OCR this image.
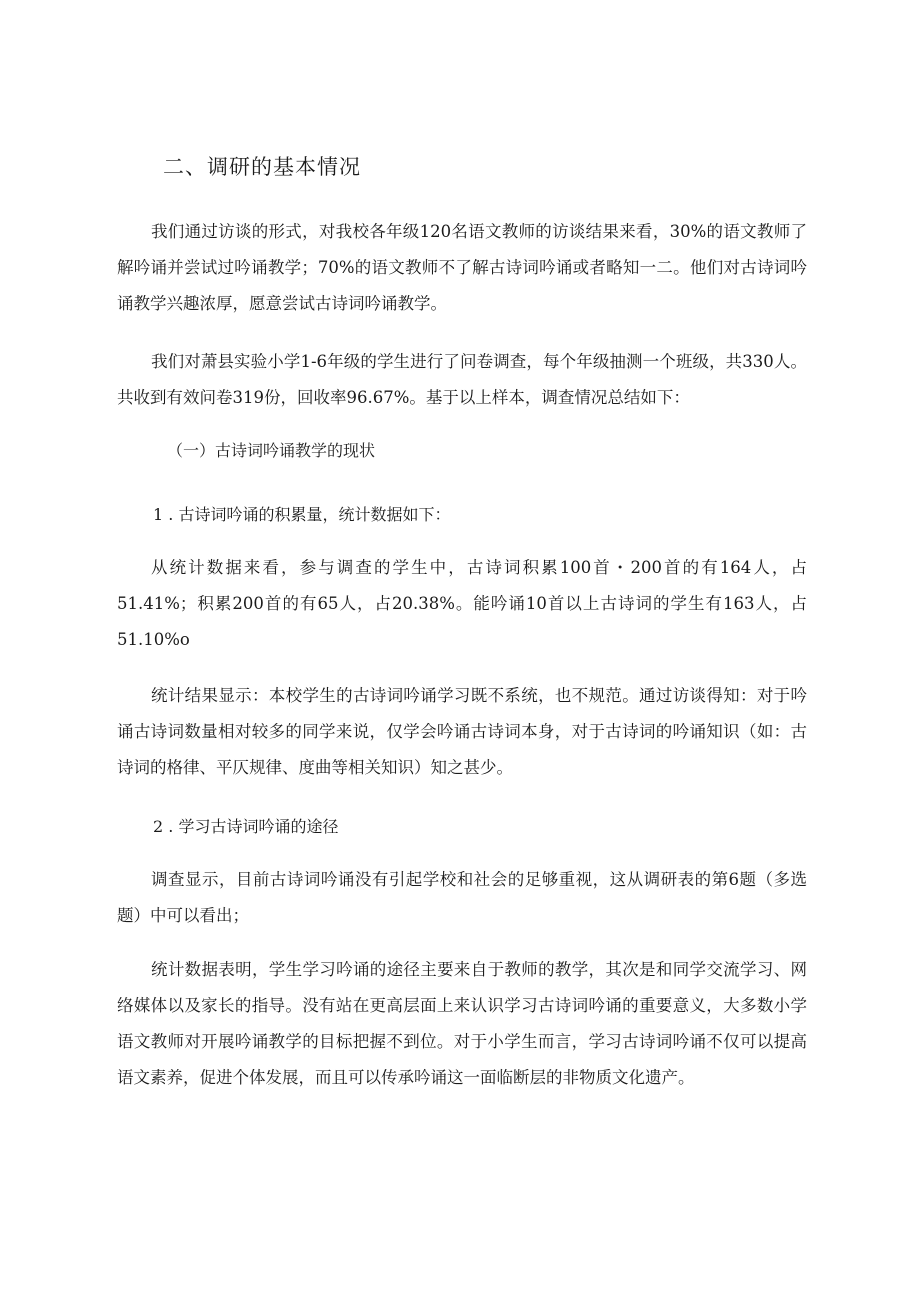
二、调研的基本情况

我们通过访谈的形式，对我校各年级120名语文教师的访谈结果来看，30%的语文教师了解吟诵并尝试过吟诵教学；70%的语文教师不了解古诗词吟诵或者略知一二。他们对古诗词吟诵教学兴趣浓厚，愿意尝试古诗词吟诵教学。

我们对萧县实验小学1-6年级的学生进行了问卷调查，每个年级抽测一个班级，共330人。共收到有效问卷319份，回收率96.67%。基于以上样本，调查情况总结如下：

（一）古诗词吟诵教学的现状
1 . 古诗词吟诵的积累量，统计数据如下：

从统计数据来看，参与调查的学生中，古诗词积累100首・200首的有164人，占51.41%；积累200首的有65人，占20.38%。能吟诵10首以上古诗词的学生有163人，占51.10%o

统计结果显示：本校学生的古诗词吟诵学习既不系统，也不规范。通过访谈得知：对于吟诵古诗词数量相对较多的同学来说，仅学会吟诵古诗词本身，对于古诗词的吟诵知识（如：古诗词的格律、平仄规律、度曲等相关知识）知之甚少。

2 . 学习古诗词吟诵的途径

调查显示，目前古诗词吟诵没有引起学校和社会的足够重视，这从调研表的第6题（多选题）中可以看出；

统计数据表明，学生学习吟诵的途径主要来自于教师的教学，其次是和同学交流学习、网络媒体以及家长的指导。没有站在更高层面上来认识学习古诗词吟诵的重要意义，大多数小学语文教师对开展吟诵教学的目标把握不到位。对于小学生而言，学习古诗词吟诵不仅可以提高语文素养，促进个体发展，而且可以传承吟诵这一面临断层的非物质文化遗产。
